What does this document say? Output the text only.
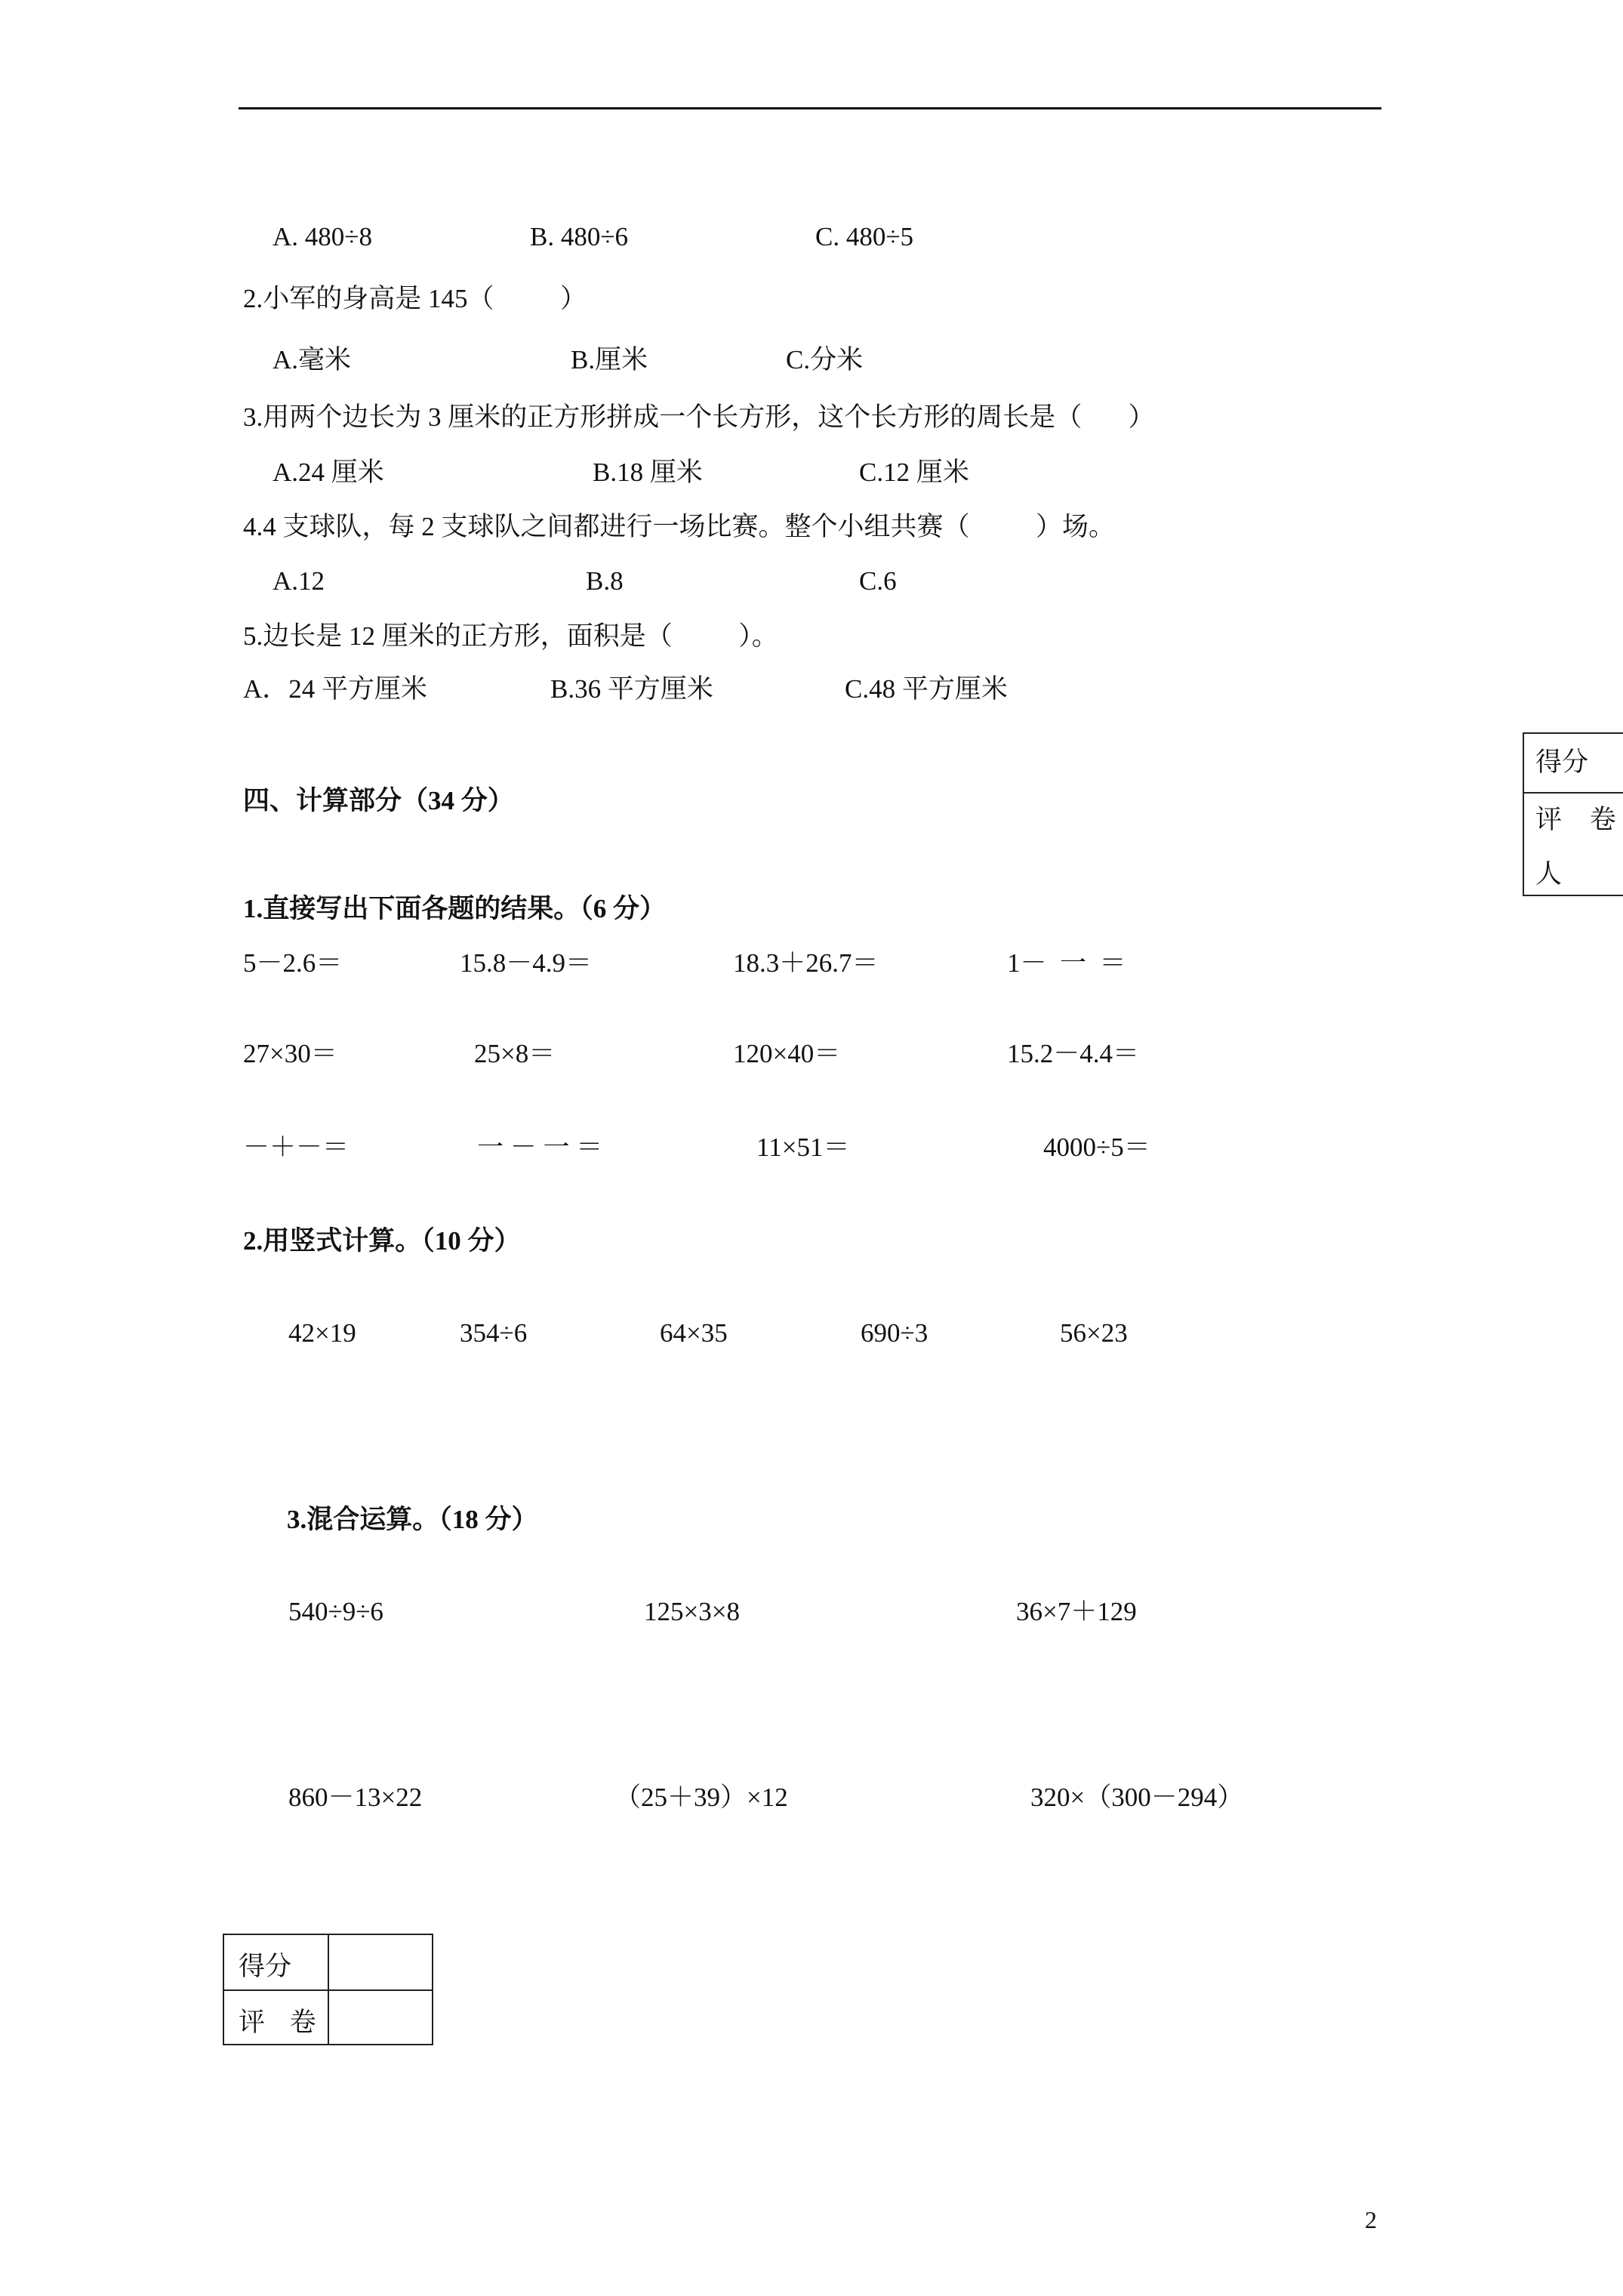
A. 480÷8	B. 480÷6	C. 480÷5
2.小军的身高是 145（          ）
A.毫米	B.厘米	C.分米
3.用两个边长为 3 厘米的正方形拼成一个长方形，这个长方形的周长是（       ）
A.24 厘米	B.18 厘米	C.12 厘米
4.4 支球队，每 2 支球队之间都进行一场比赛。整个小组共赛（          ）场。
A.12	B.8	C.6
5.边长是 12 厘米的正方形，面积是（          ）。
A．24 平方厘米	B.36 平方厘米	C.48 平方厘米
得分
评 卷
人
四、计算部分（34 分）
1.直接写出下面各题的结果。（6 分）
5－2.6＝	15.8－4.9＝	18.3＋26.7＝	1－  一  ＝
27×30＝	25×8＝	120×40＝	15.2－4.4＝
－＋－＝	一 － 一 ＝	11×51＝	4000÷5＝
2.用竖式计算。（10 分）
42×19	354÷6	64×35	690÷3	56×23
3.混合运算。（18 分）
540÷9÷6	125×3×8	36×7＋129
860－13×22	（25＋39）×12	320×（300－294）
得分
评 卷
2
